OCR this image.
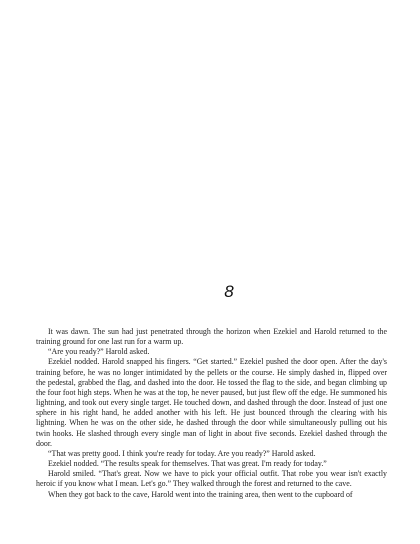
8

It was dawn. The sun had just penetrated through the horizon when Ezekiel and Harold returned to the training ground for one last run for a warm up.

“Are you ready?” Harold asked.

Ezekiel nodded. Harold snapped his fingers. “Get started.” Ezekiel pushed the door open. After the day's training before, he was no longer intimidated by the pellets or the course. He simply dashed in, flipped over the pedestal, grabbed the flag, and dashed into the door. He tossed the flag to the side, and began climbing up the four foot high steps. When he was at the top, he never paused, but just flew off the edge. He summoned his lightning, and took out every single target. He touched down, and dashed through the door. Instead of just one sphere in his right hand, he added another with his left. He just bounced through the clearing with his lightning. When he was on the other side, he dashed through the door while simultaneously pulling out his twin hooks. He slashed through every single man of light in about five seconds. Ezekiel dashed through the door.

“That was pretty good. I think you're ready for today. Are you ready?” Harold asked.

Ezekiel nodded. “The results speak for themselves. That was great. I'm ready for today.”

Harold smiled. “That's great. Now we have to pick your official outfit. That robe you wear isn't exactly heroic if you know what I mean. Let's go.” They walked through the forest and returned to the cave.

When they got back to the cave, Harold went into the training area, then went to the cupboard of
